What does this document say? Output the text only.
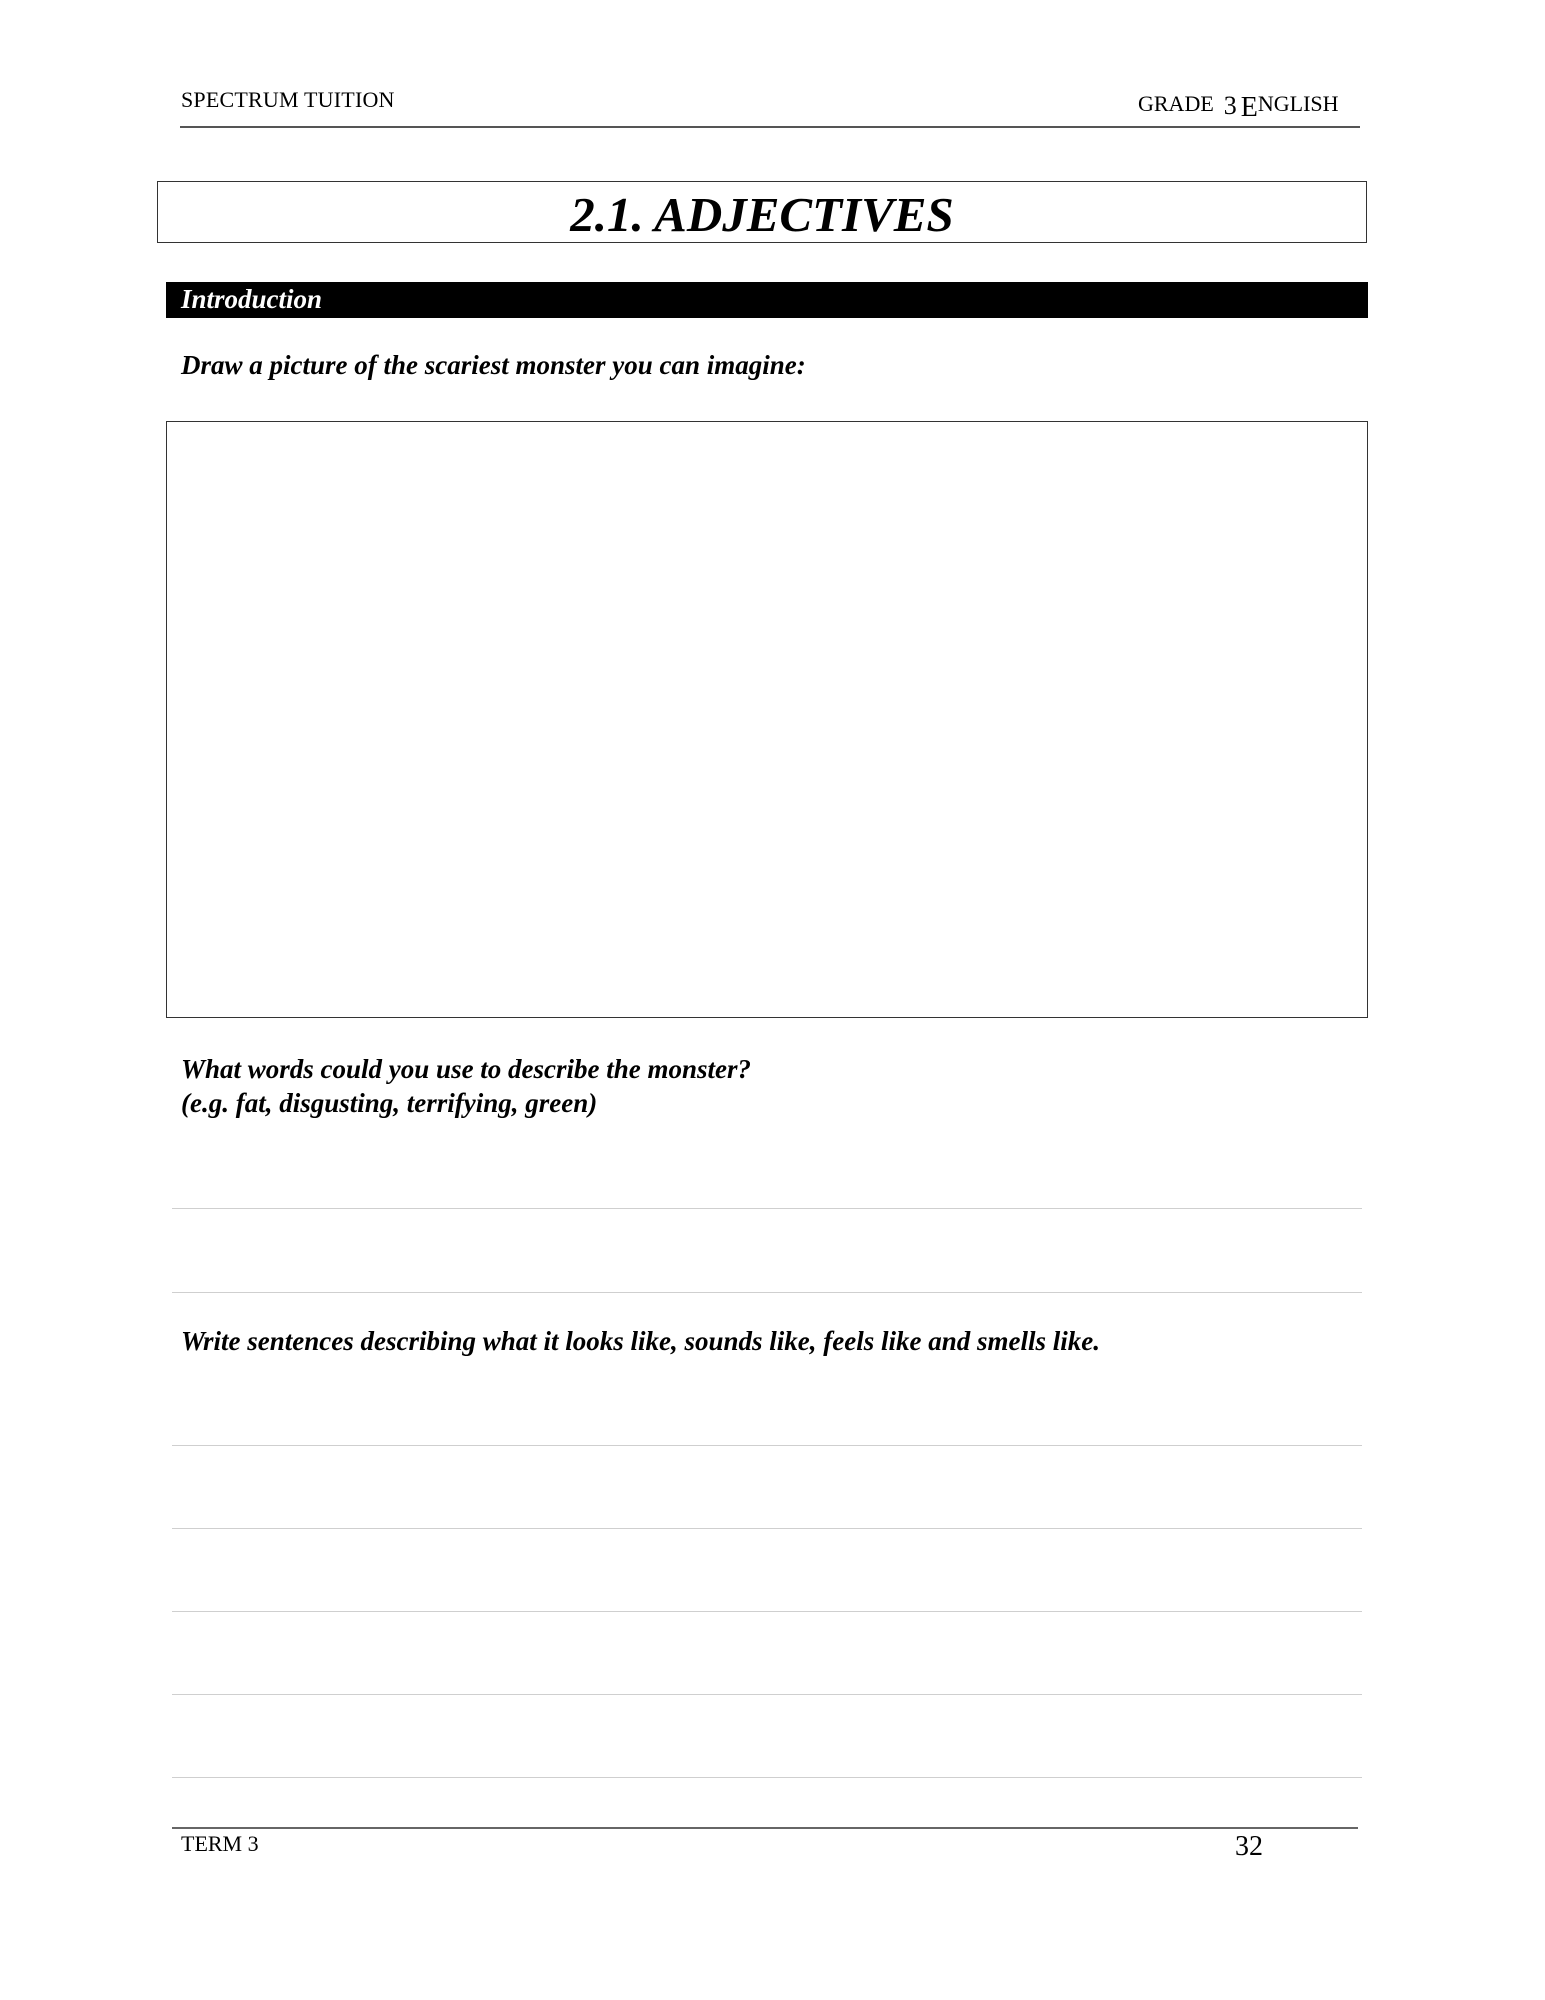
SPECTRUM TUITION	GRADE 3 ENGLISH
2.1. ADJECTIVES
Introduction
Draw a picture of the scariest monster you can imagine:
What words could you use to describe the monster?
(e.g. fat, disgusting, terrifying, green)
Write sentences describing what it looks like, sounds like, feels like and smells like.
TERM 3	32
